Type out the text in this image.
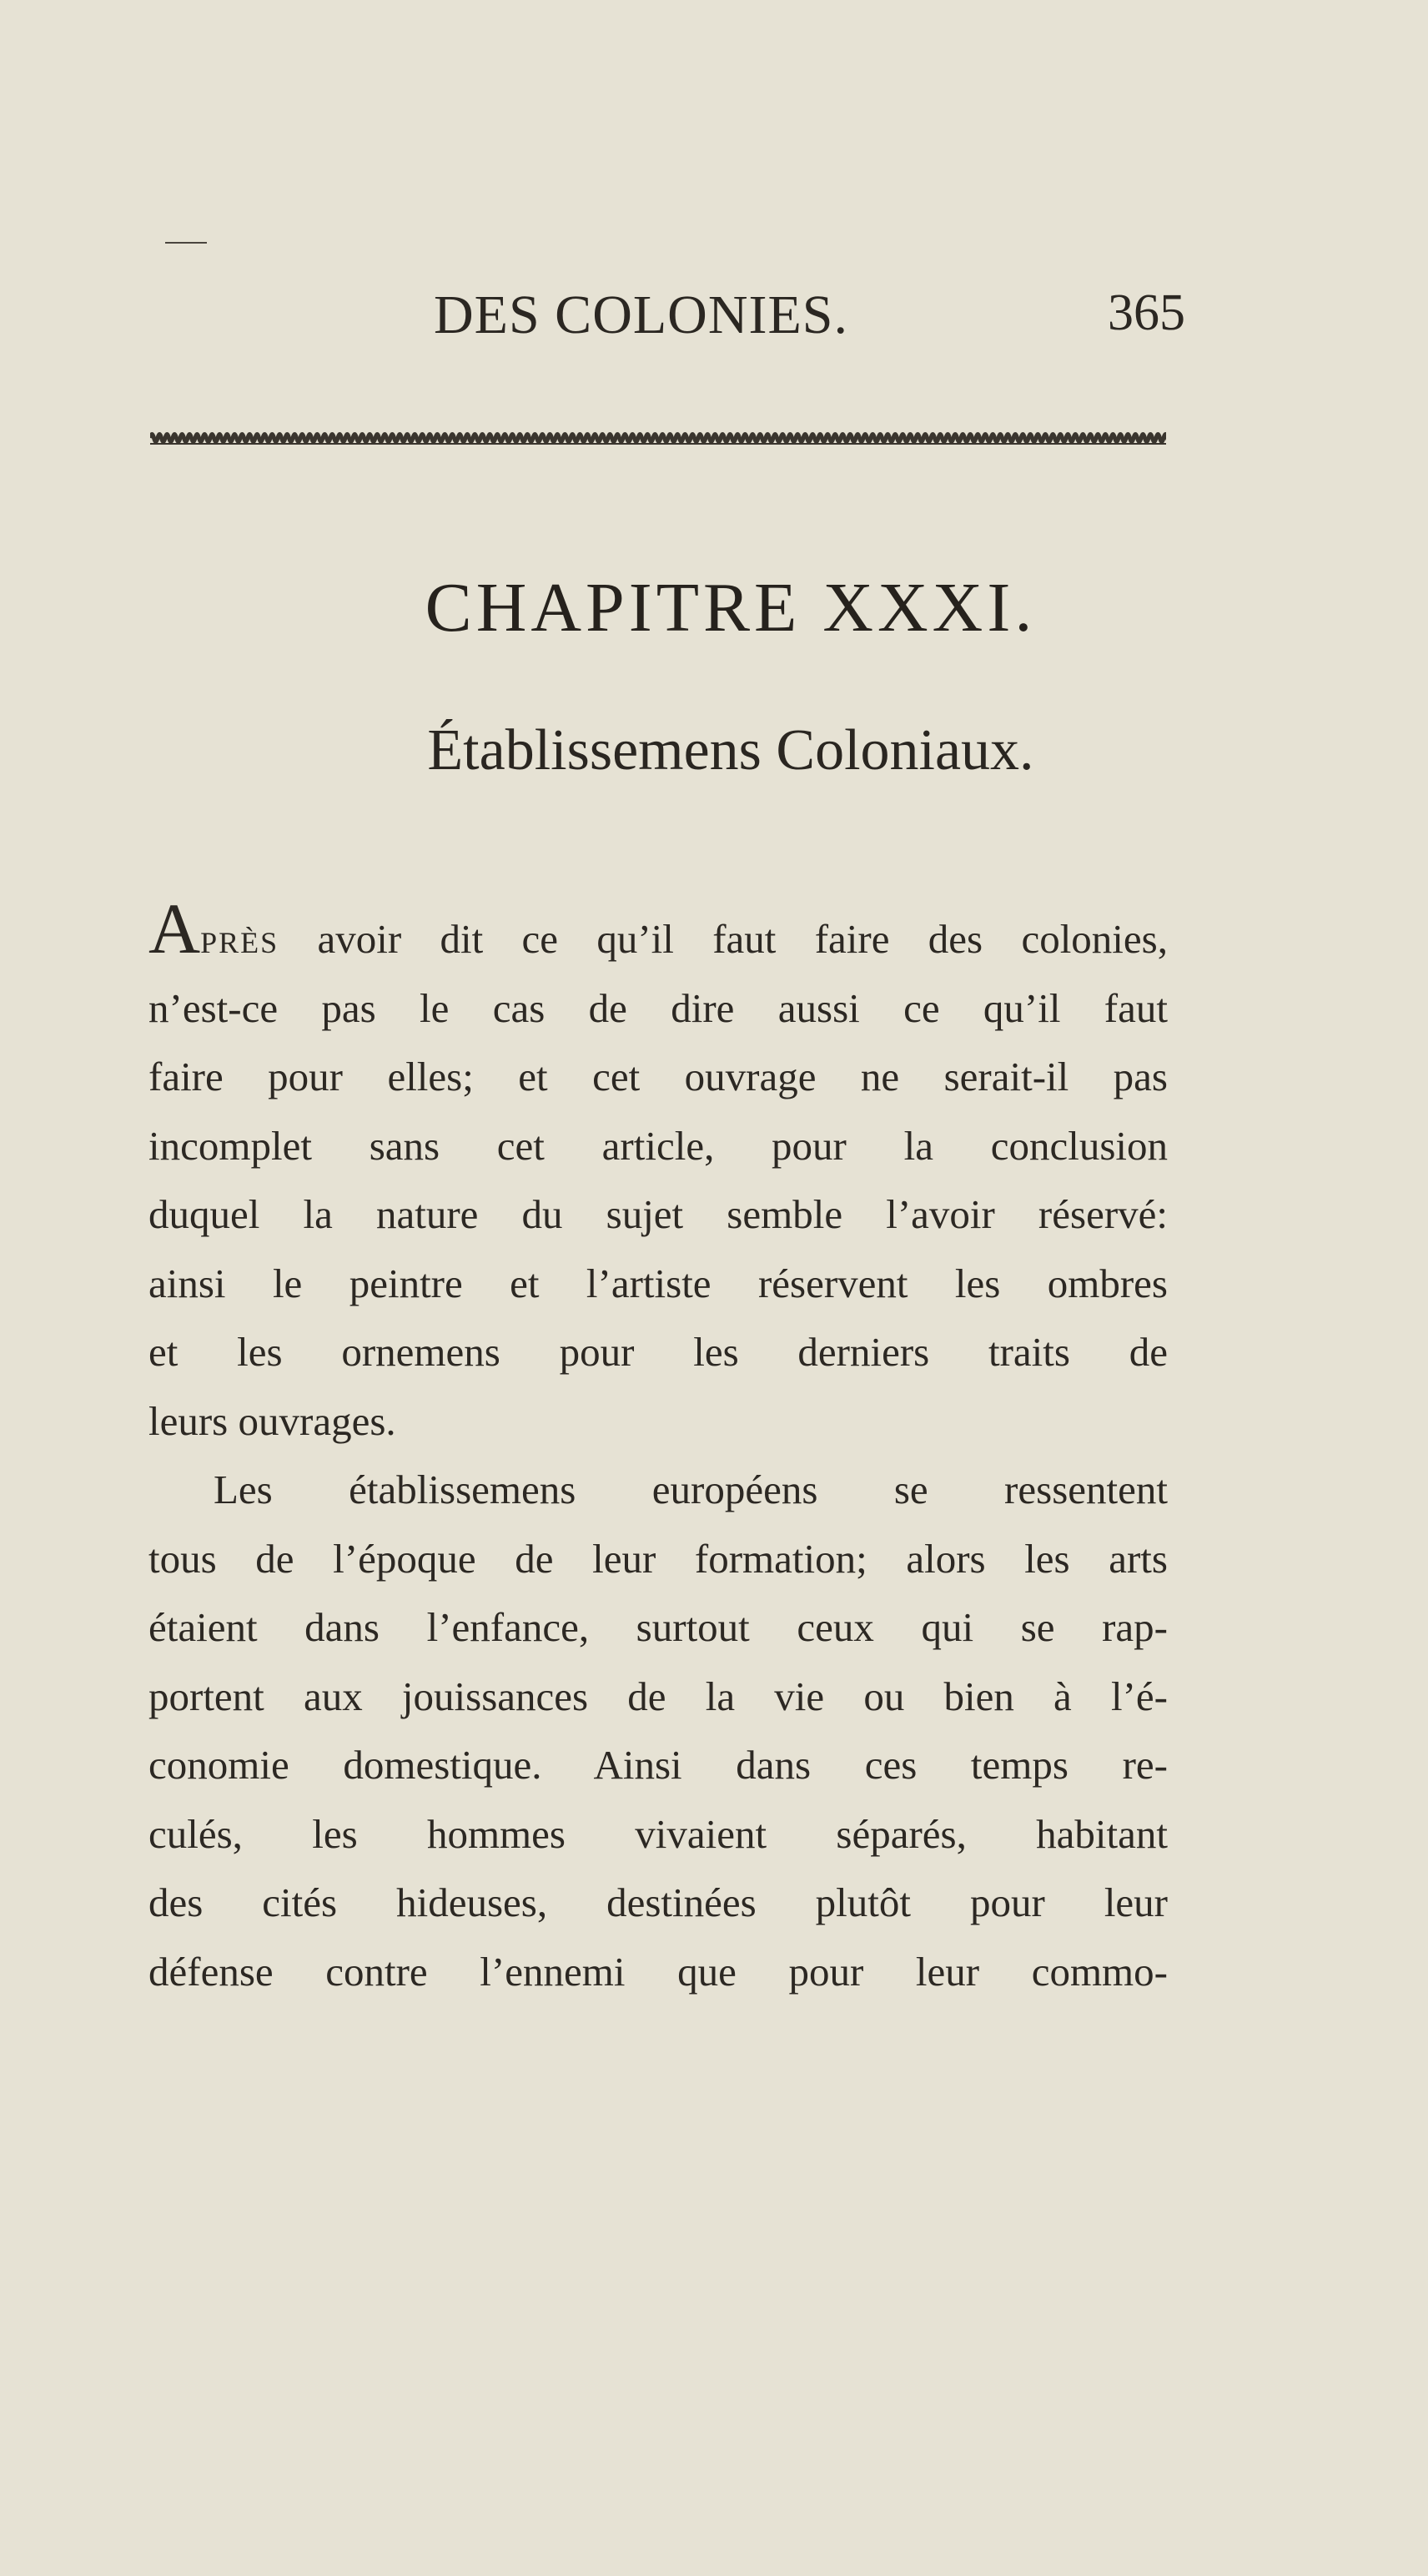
DES COLONIES.	365
CHAPITRE XXXI.
Établissemens Coloniaux.
APRÈS avoir dit ce qu’il faut faire des colonies,
n’est-ce pas le cas de dire aussi ce qu’il faut
faire pour elles; et cet ouvrage ne serait-il pas
incomplet sans cet article, pour la conclusion
duquel la nature du sujet semble l’avoir réservé:
ainsi le peintre et l’artiste réservent les ombres
et les ornemens pour les derniers traits de
leurs ouvrages.
Les établissemens européens se ressentent
tous de l’époque de leur formation; alors les arts
étaient dans l’enfance, surtout ceux qui se rap-
portent aux jouissances de la vie ou bien à l’é-
conomie domestique. Ainsi dans ces temps re-
culés, les hommes vivaient séparés, habitant
des cités hideuses, destinées plutôt pour leur
défense contre l’ennemi que pour leur commo-
